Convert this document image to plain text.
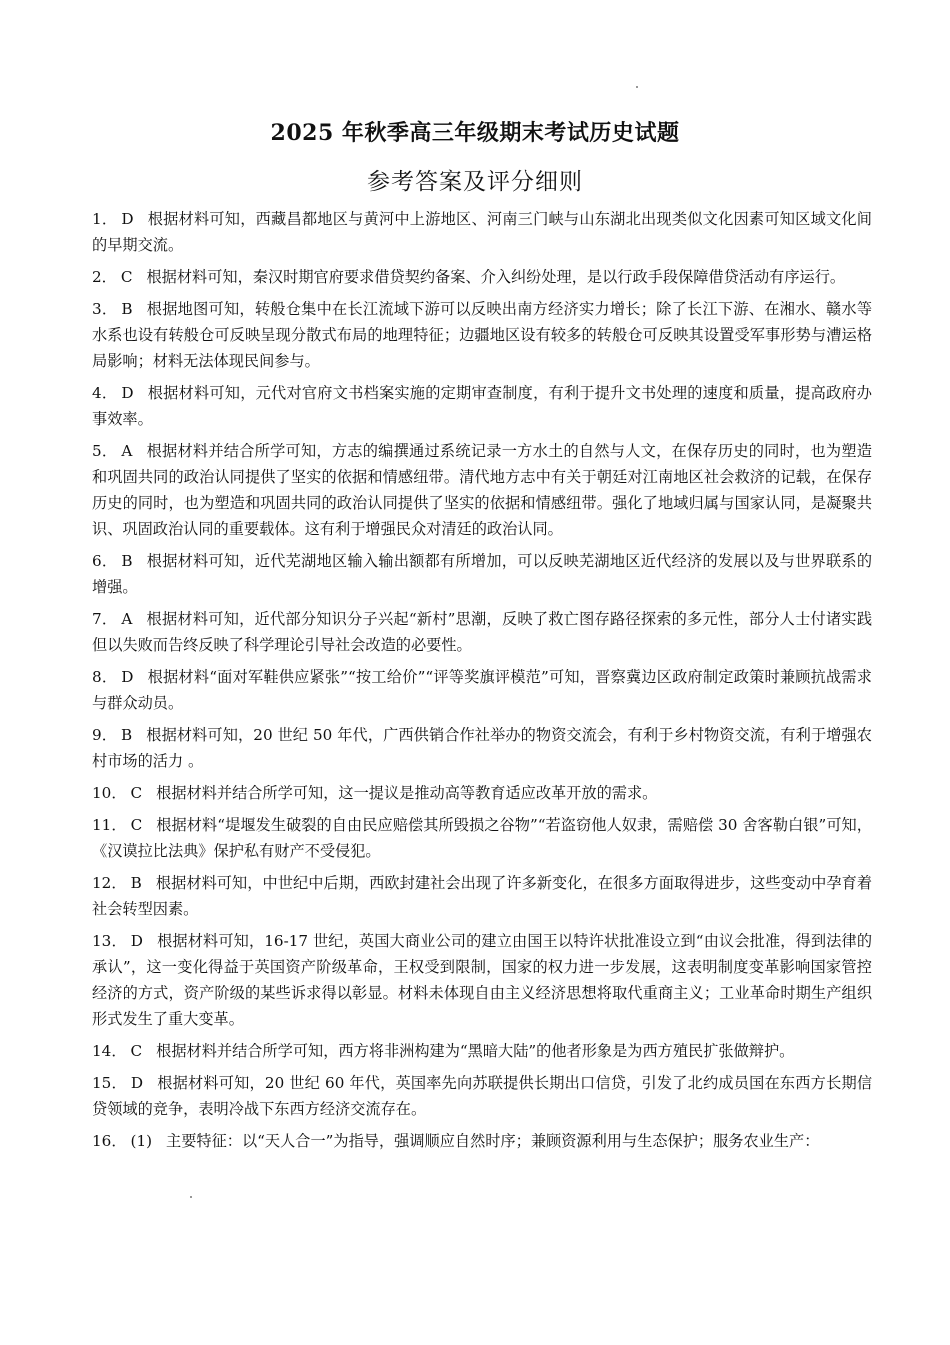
2025 年秋季高三年级期末考试历史试题
参考答案及评分细则

1． D 根据材料可知，西藏昌都地区与黄河中上游地区、河南三门峡与山东湖北出现类似文化因素可知区域文化间的早期交流。

2． C 根据材料可知，秦汉时期官府要求借贷契约备案、介入纠纷处理，是以行政手段保障借贷活动有序运行。

3． B 根据地图可知，转般仓集中在长江流域下游可以反映出南方经济实力增长；除了长江下游、在湘水、赣水等水系也设有转般仓可反映呈现分散式布局的地理特征；边疆地区设有较多的转般仓可反映其设置受军事形势与漕运格局影响；材料无法体现民间参与。

4． D 根据材料可知，元代对官府文书档案实施的定期审查制度，有利于提升文书处理的速度和质量，提高政府办事效率。

5． A 根据材料并结合所学可知，方志的编撰通过系统记录一方水土的自然与人文，在保存历史的同时，也为塑造和巩固共同的政治认同提供了坚实的依据和情感纽带。清代地方志中有关于朝廷对江南地区社会救济的记载，在保存历史的同时，也为塑造和巩固共同的政治认同提供了坚实的依据和情感纽带。强化了地域归属与国家认同，是凝聚共识、巩固政治认同的重要载体。这有利于增强民众对清廷的政治认同。

6． B 根据材料可知，近代芜湖地区输入输出额都有所增加，可以反映芜湖地区近代经济的发展以及与世界联系的增强。

7． A 根据材料可知，近代部分知识分子兴起“新村”思潮，反映了救亡图存路径探索的多元性，部分人士付诸实践但以失败而告终反映了科学理论引导社会改造的必要性。

8． D 根据材料“面对军鞋供应紧张”“按工给价”“评等奖旗评模范”可知，晋察冀边区政府制定政策时兼顾抗战需求与群众动员。

9． B 根据材料可知，20 世纪 50 年代，广西供销合作社举办的物资交流会，有利于乡村物资交流，有利于增强农村市场的活力 。

10． C 根据材料并结合所学可知，这一提议是推动高等教育适应改革开放的需求。

11． C 根据材料“堤堰发生破裂的自由民应赔偿其所毁损之谷物”“若盗窃他人奴隶，需赔偿 30 舍客勒白银”可知，《汉谟拉比法典》保护私有财产不受侵犯。

12． B 根据材料可知，中世纪中后期，西欧封建社会出现了许多新变化，在很多方面取得进步，这些变动中孕育着社会转型因素。

13． D 根据材料可知，16-17 世纪，英国大商业公司的建立由国王以特许状批准设立到“由议会批准，得到法律的承认”，这一变化得益于英国资产阶级革命，王权受到限制，国家的权力进一步发展，这表明制度变革影响国家管控经济的方式，资产阶级的某些诉求得以彰显。材料未体现自由主义经济思想将取代重商主义；工业革命时期生产组织形式发生了重大变革。

14． C 根据材料并结合所学可知，西方将非洲构建为“黑暗大陆”的他者形象是为西方殖民扩张做辩护。

15． D 根据材料可知，20 世纪 60 年代，英国率先向苏联提供长期出口信贷，引发了北约成员国在东西方长期信贷领域的竞争，表明冷战下东西方经济交流存在。

16． (1) 主要特征：以“天人合一”为指导，强调顺应自然时序；兼顾资源利用与生态保护；服务农业生产：
